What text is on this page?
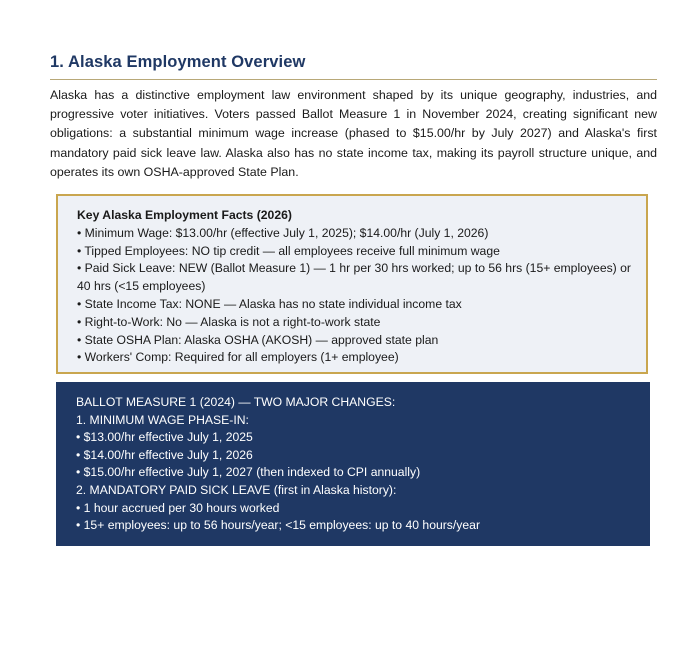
1. Alaska Employment Overview
Alaska has a distinctive employment law environment shaped by its unique geography, industries, and progressive voter initiatives. Voters passed Ballot Measure 1 in November 2024, creating significant new obligations: a substantial minimum wage increase (phased to $15.00/hr by July 2027) and Alaska's first mandatory paid sick leave law. Alaska also has no state income tax, making its payroll structure unique, and operates its own OSHA-approved State Plan.
Key Alaska Employment Facts (2026)
• Minimum Wage: $13.00/hr (effective July 1, 2025); $14.00/hr (July 1, 2026)
• Tipped Employees: NO tip credit — all employees receive full minimum wage
• Paid Sick Leave: NEW (Ballot Measure 1) — 1 hr per 30 hrs worked; up to 56 hrs (15+ employees) or 40 hrs (<15 employees)
• State Income Tax: NONE — Alaska has no state individual income tax
• Right-to-Work: No — Alaska is not a right-to-work state
• State OSHA Plan: Alaska OSHA (AKOSH) — approved state plan
• Workers' Comp: Required for all employers (1+ employee)
BALLOT MEASURE 1 (2024) — TWO MAJOR CHANGES:
1. MINIMUM WAGE PHASE-IN:
• $13.00/hr effective July 1, 2025
• $14.00/hr effective July 1, 2026
• $15.00/hr effective July 1, 2027 (then indexed to CPI annually)
2. MANDATORY PAID SICK LEAVE (first in Alaska history):
• 1 hour accrued per 30 hours worked
• 15+ employees: up to 56 hours/year; <15 employees: up to 40 hours/year
